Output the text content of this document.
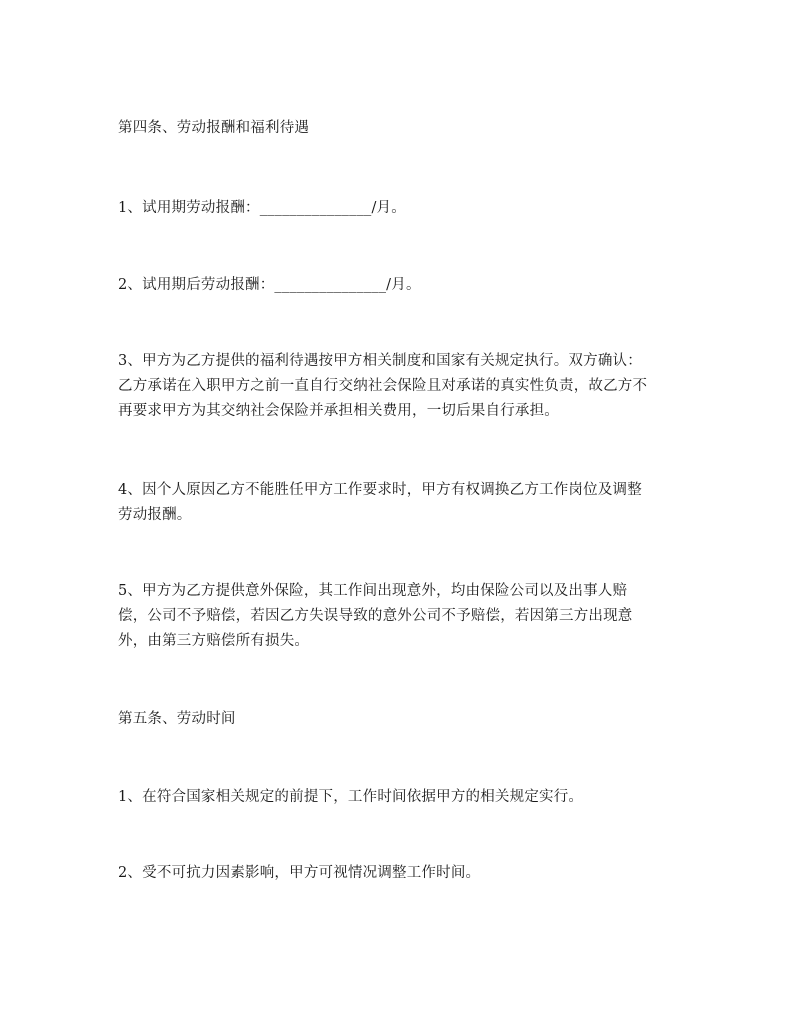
第四条、劳动报酬和福利待遇
1、试用期劳动报酬：_______________/月。
2、试用期后劳动报酬：_______________/月。
3、甲方为乙方提供的福利待遇按甲方相关制度和国家有关规定执行。双方确认：
乙方承诺在入职甲方之前一直自行交纳社会保险且对承诺的真实性负责，故乙方不
再要求甲方为其交纳社会保险并承担相关费用，一切后果自行承担。
4、因个人原因乙方不能胜任甲方工作要求时，甲方有权调换乙方工作岗位及调整
劳动报酬。
5、甲方为乙方提供意外保险，其工作间出现意外，均由保险公司以及出事人赔
偿，公司不予赔偿，若因乙方失误导致的意外公司不予赔偿，若因第三方出现意
外，由第三方赔偿所有损失。
第五条、劳动时间
1、在符合国家相关规定的前提下，工作时间依据甲方的相关规定实行。
2、受不可抗力因素影响，甲方可视情况调整工作时间。
